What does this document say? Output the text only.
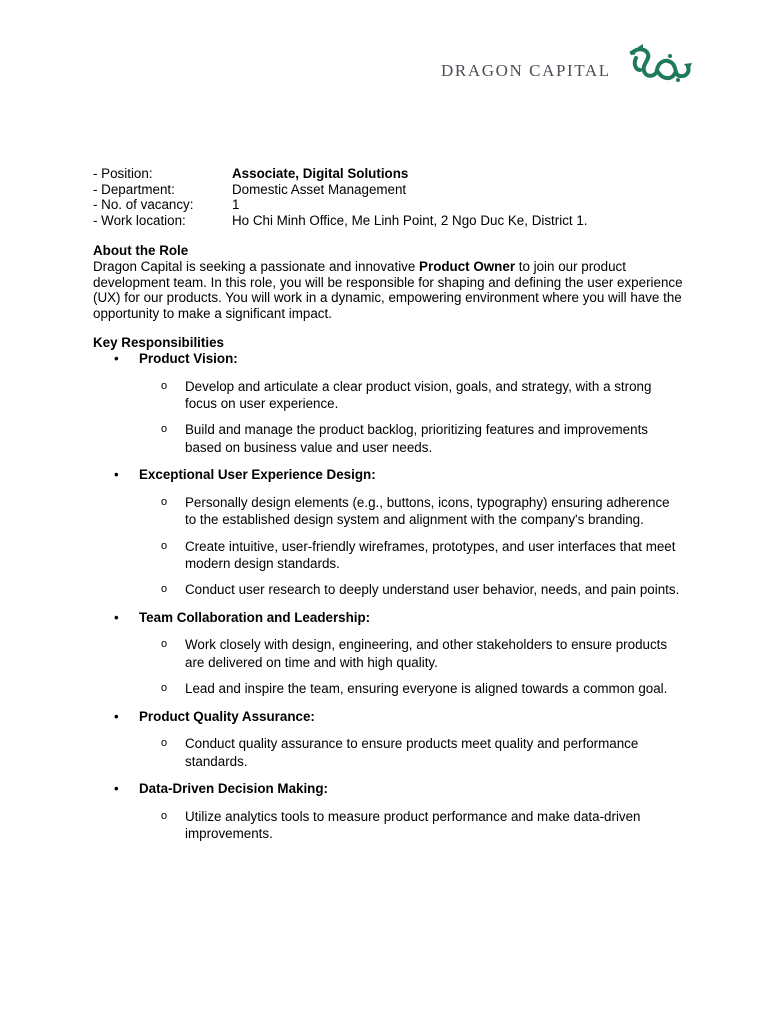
DRAGON CAPITAL
- Position:	Associate, Digital Solutions
- Department:	Domestic Asset Management
- No. of vacancy:	1
- Work location:	Ho Chi Minh Office, Me Linh Point, 2 Ngo Duc Ke, District 1.
About the Role

Dragon Capital is seeking a passionate and innovative Product Owner to join our product development team. In this role, you will be responsible for shaping and defining the user experience (UX) for our products. You will work in a dynamic, empowering environment where you will have the opportunity to make a significant impact.

Key Responsibilities
• Product Vision:
o Develop and articulate a clear product vision, goals, and strategy, with a strong focus on user experience.
o Build and manage the product backlog, prioritizing features and improvements based on business value and user needs.
• Exceptional User Experience Design:
o Personally design elements (e.g., buttons, icons, typography) ensuring adherence to the established design system and alignment with the company's branding.
o Create intuitive, user-friendly wireframes, prototypes, and user interfaces that meet modern design standards.
o Conduct user research to deeply understand user behavior, needs, and pain points.
• Team Collaboration and Leadership:
o Work closely with design, engineering, and other stakeholders to ensure products are delivered on time and with high quality.
o Lead and inspire the team, ensuring everyone is aligned towards a common goal.
• Product Quality Assurance:
o Conduct quality assurance to ensure products meet quality and performance standards.
• Data-Driven Decision Making:
o Utilize analytics tools to measure product performance and make data-driven improvements.
